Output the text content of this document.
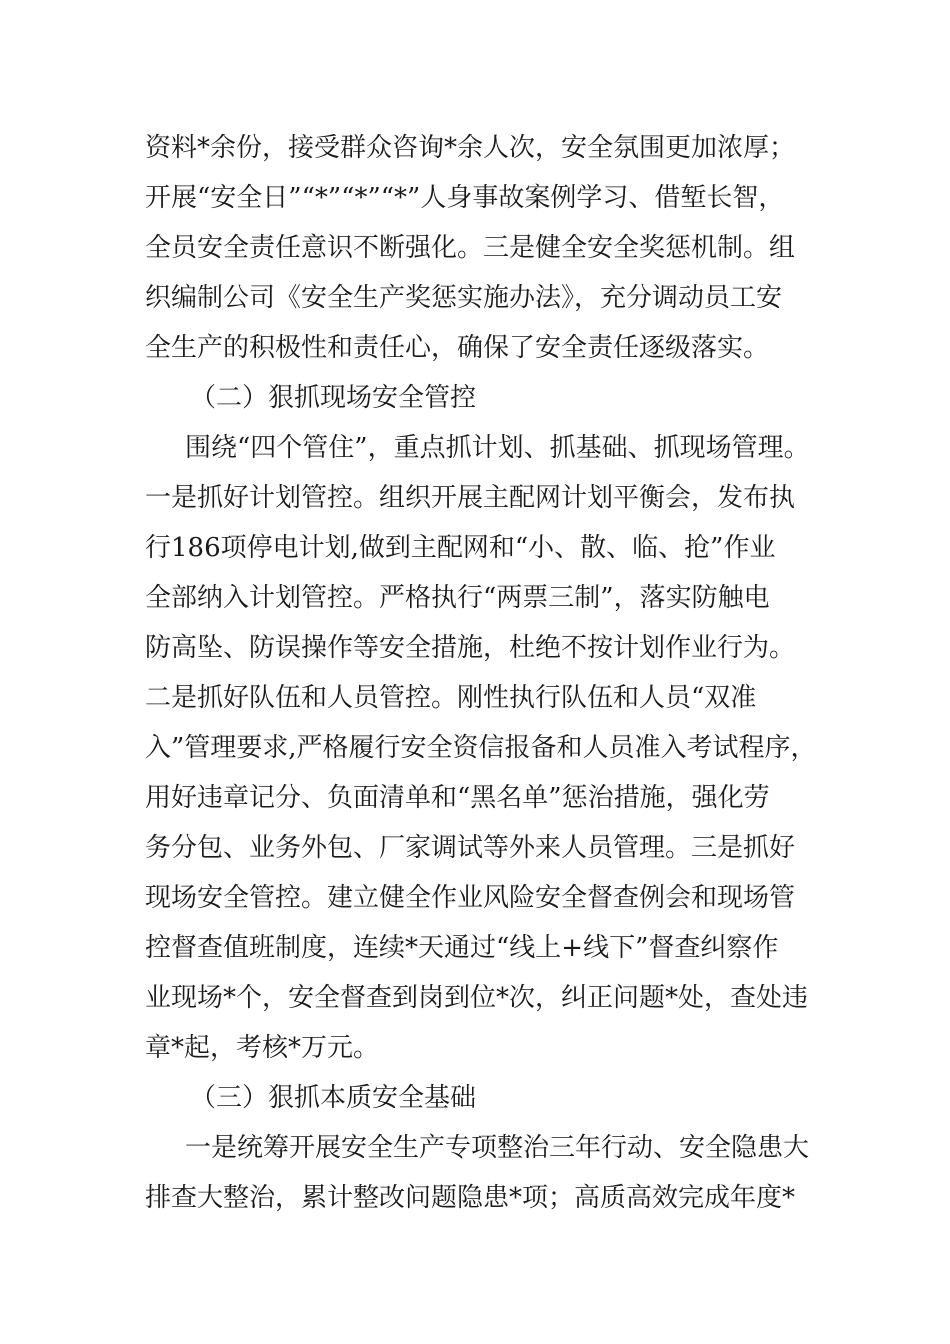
资料*余份，接受群众咨询*余人次，安全氛围更加浓厚；
开展“安全日”“*”“*”“*”人身事故案例学习、借堑长智，
全员安全责任意识不断强化。三是健全安全奖惩机制。组
织编制公司《安全生产奖惩实施办法》，充分调动员工安
全生产的积极性和责任心，确保了安全责任逐级落实。
（二）狠抓现场安全管控
围绕“四个管住”，重点抓计划、抓基础、抓现场管理。
一是抓好计划管控。组织开展主配网计划平衡会，发布执
行186项停电计划,做到主配网和“小、散、临、抢”作业
全部纳入计划管控。严格执行“两票三制”，落实防触电
防高坠、防误操作等安全措施，杜绝不按计划作业行为。
二是抓好队伍和人员管控。刚性执行队伍和人员“双准
入”管理要求,严格履行安全资信报备和人员准入考试程序，
用好违章记分、负面清单和“黑名单”惩治措施，强化劳
务分包、业务外包、厂家调试等外来人员管理。三是抓好
现场安全管控。建立健全作业风险安全督查例会和现场管
控督查值班制度，连续*天通过“线上+线下”督查纠察作
业现场*个，安全督查到岗到位*次，纠正问题*处，查处违
章*起，考核*万元。
（三）狠抓本质安全基础
一是统筹开展安全生产专项整治三年行动、安全隐患大
排查大整治，累计整改问题隐患*项；高质高效完成年度*
